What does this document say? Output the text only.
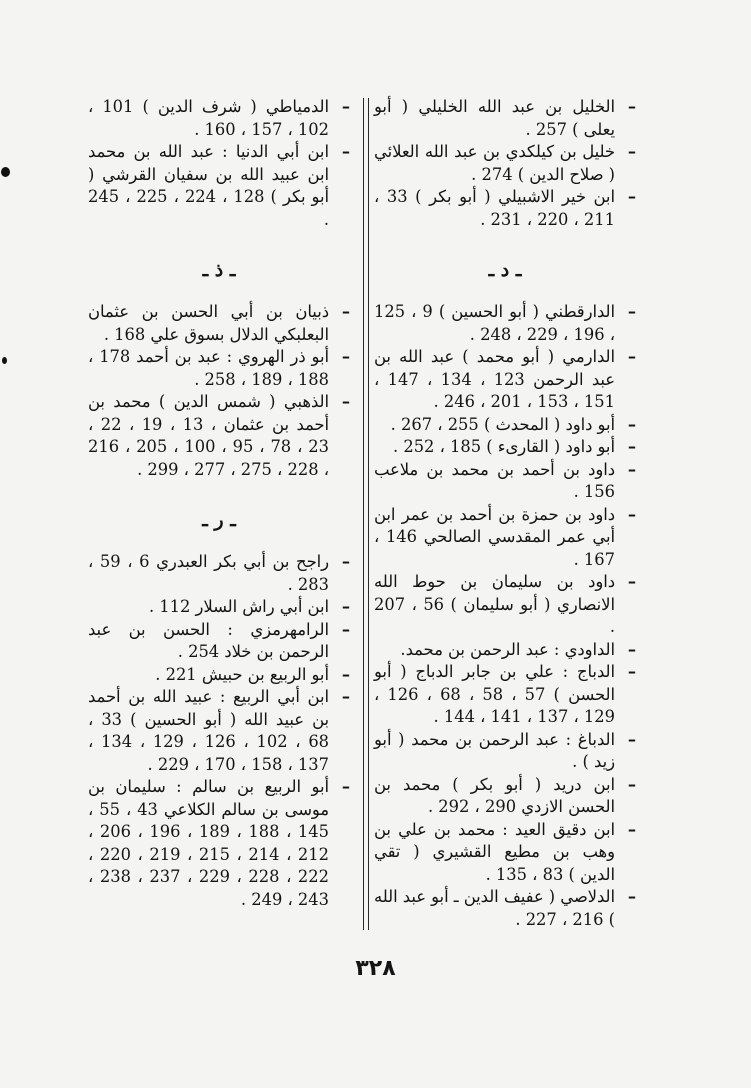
– الخليل بن عبد الله الخليلي ( أبو يعلى ) 257 .

– خليل بن كيلكدي بن عبد الله العلائي ( صلاح الدين ) 274 .

– ابن خير الاشبيلي ( أبو بكر ) 33 ، 211 ، 220 ، 231 .

ـ د ـ

– الدارقطني ( أبو الحسين ) 9 ، 125 ، 196 ، 229 ، 248 .

– الدارمي ( أبو محمد ) عبد الله بن عبد الرحمن 123 ، 134 ، 147 ، 151 ، 153 ، 201 ، 246 .

– أبو داود ( المحدث ) 255 ، 267 .

– أبو داود ( القارىء ) 185 ، 252 .

– داود بن أحمد بن محمد بن ملاعب 156 .

– داود بن حمزة بن أحمد بن عمر ابن أبي عمر المقدسي الصالحي 146 ، 167 .

– داود بن سليمان بن حوط الله الانصاري ( أبو سليمان ) 56 ، 207 .

– الداودي : عبد الرحمن بن محمد.

– الدباج : علي بن جابر الدباج ( أبو الحسن ) 57 ، 58 ، 68 ، 126 ، 129 ، 137 ، 141 ، 144 .

– الدباغ : عبد الرحمن بن محمد ( أبو زيد ) .

– ابن دريد ( أبو بكر ) محمد بن الحسن الازدي 290 ، 292 .

– ابن دقيق العيد : محمد بن علي بن وهب بن مطيع القشيري ( تقي الدين ) 83 ، 135 .

– الدلاصي ( عفيف الدين ـ أبو عبد الله ) 216 ، 227 .

– الدمياطي ( شرف الدين ) 101 ، 102 ، 157 ، 160 .

– ابن أبي الدنيا : عبد الله بن محمد ابن عبيد الله بن سفيان القرشي ( أبو بكر ) 128 ، 224 ، 225 ، 245 .

ـ ذ ـ

– ذبيان بن أبي الحسن بن عثمان البعلبكي الدلال بسوق علي 168 .

– أبو ذر الهروي : عبد بن أحمد 178 ، 188 ، 189 ، 258 .

– الذهبي ( شمس الدين ) محمد بن أحمد بن عثمان ، 13 ، 19 ، 22 ، 23 ، 78 ، 95 ، 100 ، 205 ، 216 ، 228 ، 275 ، 277 ، 299 .

ـ ر ـ

– راجح بن أبي بكر العبدري 6 ، 59 ، 283 .

– ابن أبي راش السلار 112 .

– الرامهرمزي : الحسن بن عبد الرحمن بن خلاد 254 .

– أبو الربيع بن حبيش 221 .

– ابن أبي الربيع : عبيد الله بن أحمد بن عبيد الله ( أبو الحسين ) 33 ، 68 ، 102 ، 126 ، 129 ، 134 ، 137 ، 158 ، 170 ، 229 .

– أبو الربيع بن سالم : سليمان بن موسى بن سالم الكلاعي 43 ، 55 ، 145 ، 188 ، 189 ، 196 ، 206 ، 212 ، 214 ، 215 ، 219 ، 220 ، 222 ، 228 ، 229 ، 237 ، 238 ، 243 ، 249 .

٣٢٨
